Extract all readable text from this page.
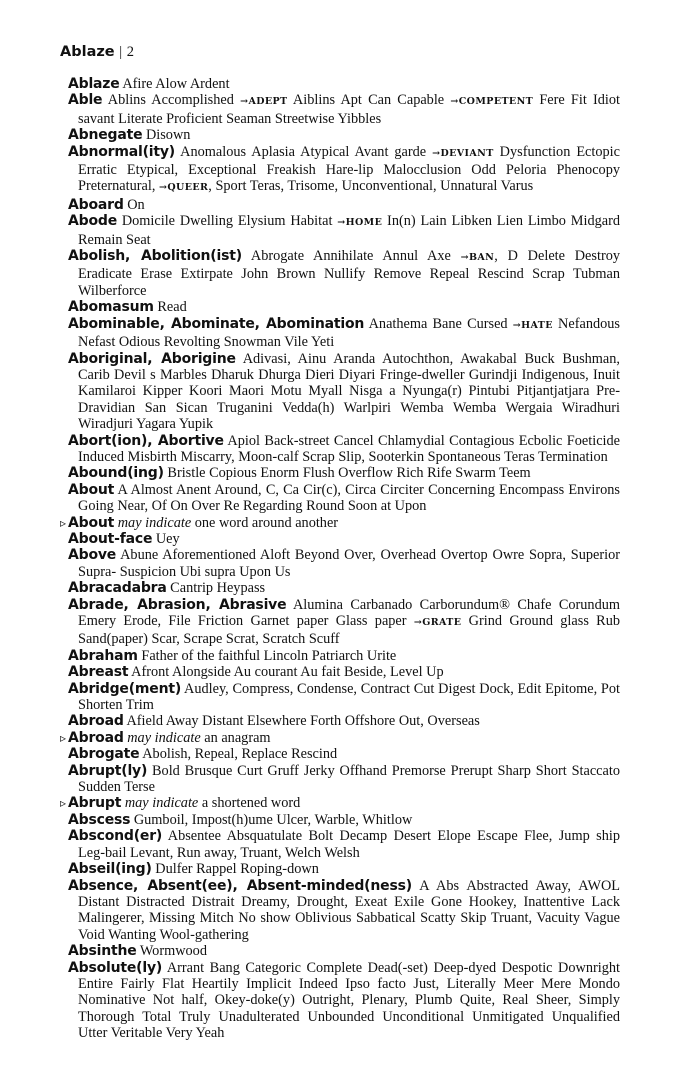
Ablaze | 2

Ablaze Afire Alow Ardent

Able Ablins Accomplished →ADEPT Aiblins Apt Can Capable →COMPETENT Fere Fit Idiot savant Literate Proficient Seaman Streetwise Yibbles

Abnegate Disown

Abnormal(ity) Anomalous Aplasia Atypical Avant garde →DEVIANT Dysfunction Ectopic Erratic Etypical, Exceptional Freakish Hare-lip Malocclusion Odd Peloria Phenocopy Preternatural, →QUEER, Sport Teras, Trisome, Unconventional, Unnatural Varus

Aboard On

Abode Domicile Dwelling Elysium Habitat →HOME In(n) Lain Libken Lien Limbo Midgard Remain Seat

Abolish, Abolition(ist) Abrogate Annihilate Annul Axe →BAN, D Delete Destroy Eradicate Erase Extirpate John Brown Nullify Remove Repeal Rescind Scrap Tubman Wilberforce

Abomasum Read

Abominable, Abominate, Abomination Anathema Bane Cursed →HATE Nefandous Nefast Odious Revolting Snowman Vile Yeti

Aboriginal, Aborigine Adivasi, Ainu Aranda Autochthon, Awakabal Buck Bushman, Carib Devil s Marbles Dharuk Dhurga Dieri Diyari Fringe-dweller Gurindji Indigenous, Inuit Kamilaroi Kipper Koori Maori Motu Myall Nisga a Nyunga(r) Pintubi Pitjantjatjara Pre-Dravidian San Sican Truganini Vedda(h) Warlpiri Wemba Wemba Wergaia Wiradhuri Wiradjuri Yagara Yupik

Abort(ion), Abortive Apiol Back-street Cancel Chlamydial Contagious Ecbolic Foeticide Induced Misbirth Miscarry, Moon-calf Scrap Slip, Sooterkin Spontaneous Teras Termination

Abound(ing) Bristle Copious Enorm Flush Overflow Rich Rife Swarm Teem

About A Almost Anent Around, C, Ca Cir(c), Circa Circiter Concerning Encompass Environs Going Near, Of On Over Re Regarding Round Soon at Upon

▹ About may indicate one word around another

About-face Uey

Above Abune Aforementioned Aloft Beyond Over, Overhead Overtop Owre Sopra, Superior Supra- Suspicion Ubi supra Upon Us

Abracadabra Cantrip Heypass

Abrade, Abrasion, Abrasive Alumina Carbanado Carborundum® Chafe Corundum Emery Erode, File Friction Garnet paper Glass paper →GRATE Grind Ground glass Rub Sand(paper) Scar, Scrape Scrat, Scratch Scuff

Abraham Father of the faithful Lincoln Patriarch Urite

Abreast Afront Alongside Au courant Au fait Beside, Level Up

Abridge(ment) Audley, Compress, Condense, Contract Cut Digest Dock, Edit Epitome, Pot Shorten Trim

Abroad Afield Away Distant Elsewhere Forth Offshore Out, Overseas

▹ Abroad may indicate an anagram

Abrogate Abolish, Repeal, Replace Rescind

Abrupt(ly) Bold Brusque Curt Gruff Jerky Offhand Premorse Prerupt Sharp Short Staccato Sudden Terse

▹ Abrupt may indicate a shortened word

Abscess Gumboil, Impost(h)ume Ulcer, Warble, Whitlow

Abscond(er) Absentee Absquatulate Bolt Decamp Desert Elope Escape Flee, Jump ship Leg-bail Levant, Run away, Truant, Welch Welsh

Abseil(ing) Dulfer Rappel Roping-down

Absence, Absent(ee), Absent-minded(ness) A Abs Abstracted Away, AWOL Distant Distracted Distrait Dreamy, Drought, Exeat Exile Gone Hookey, Inattentive Lack Malingerer, Missing Mitch No show Oblivious Sabbatical Scatty Skip Truant, Vacuity Vague Void Wanting Wool-gathering

Absinthe Wormwood

Absolute(ly) Arrant Bang Categoric Complete Dead(-set) Deep-dyed Despotic Downright Entire Fairly Flat Heartily Implicit Indeed Ipso facto Just, Literally Meer Mere Mondo Nominative Not half, Okey-doke(y) Outright, Plenary, Plumb Quite, Real Sheer, Simply Thorough Total Truly Unadulterated Unbounded Unconditional Unmitigated Unqualified Utter Veritable Very Yeah
